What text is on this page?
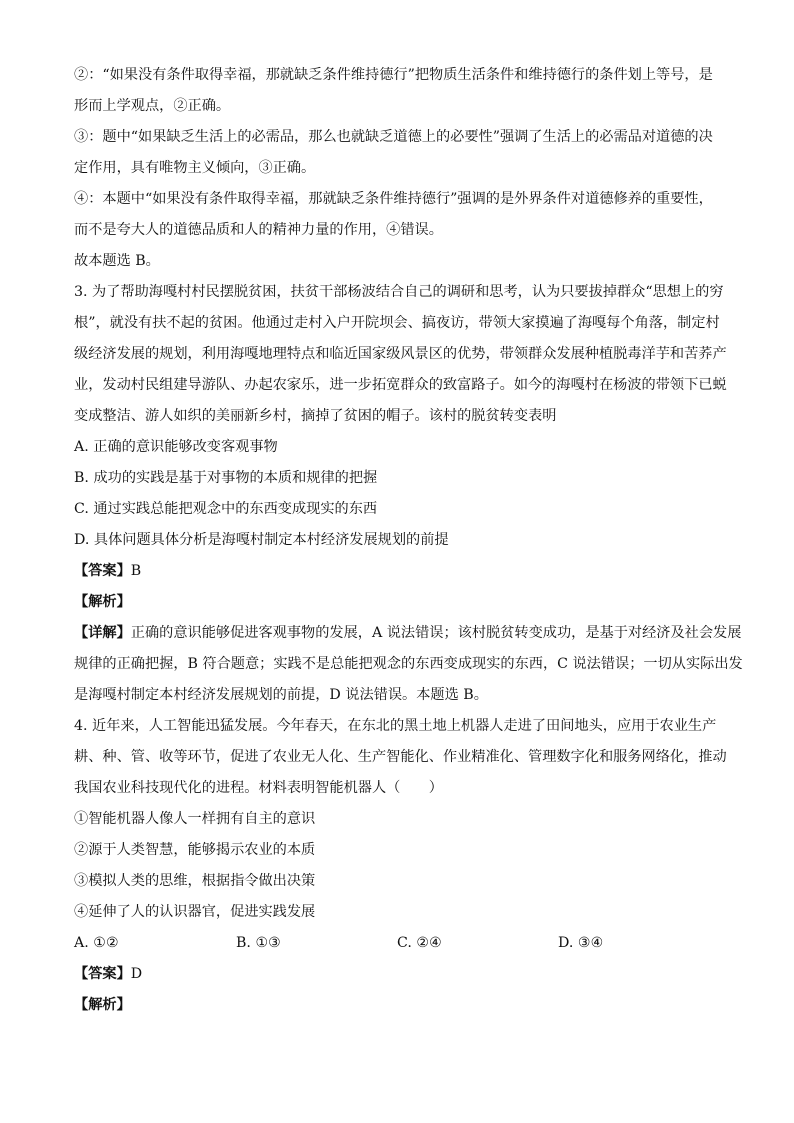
②：“如果没有条件取得幸福，那就缺乏条件维持德行”把物质生活条件和维持德行的条件划上等号，是

形而上学观点，②正确。

③：题中“如果缺乏生活上的必需品，那么也就缺乏道德上的必要性”强调了生活上的必需品对道德的决

定作用，具有唯物主义倾向，③正确。

④：本题中“如果没有条件取得幸福，那就缺乏条件维持德行”强调的是外界条件对道德修养的重要性，

而不是夸大人的道德品质和人的精神力量的作用，④错误。

故本题选 B。

3. 为了帮助海嘎村村民摆脱贫困，扶贫干部杨波结合自己的调研和思考，认为只要拔掉群众“思想上的穷

根”，就没有扶不起的贫困。他通过走村入户开院坝会、搞夜访，带领大家摸遍了海嘎每个角落，制定村

级经济发展的规划，利用海嘎地理特点和临近国家级风景区的优势，带领群众发展种植脱毒洋芋和苦荞产

业，发动村民组建导游队、办起农家乐，进一步拓宽群众的致富路子。如今的海嘎村在杨波的带领下已蜕

变成整洁、游人如织的美丽新乡村，摘掉了贫困的帽子。该村的脱贫转变表明

A. 正确的意识能够改变客观事物

B. 成功的实践是基于对事物的本质和规律的把握

C. 通过实践总能把观念中的东西变成现实的东西

D. 具体问题具体分析是海嘎村制定本村经济发展规划的前提

【答案】B

【解析】

【详解】正确的意识能够促进客观事物的发展，A 说法错误；该村脱贫转变成功，是基于对经济及社会发展

规律的正确把握，B 符合题意；实践不是总能把观念的东西变成现实的东西，C 说法错误；一切从实际出发

是海嘎村制定本村经济发展规划的前提，D 说法错误。本题选 B。

4. 近年来，人工智能迅猛发展。今年春天，在东北的黑土地上机器人走进了田间地头，应用于农业生产

耕、种、管、收等环节，促进了农业无人化、生产智能化、作业精准化、管理数字化和服务网络化，推动

我国农业科技现代化的进程。材料表明智能机器人（　　）

①智能机器人像人一样拥有自主的意识

②源于人类智慧，能够揭示农业的本质

③模拟人类的思维，根据指令做出决策

④延伸了人的认识器官，促进实践发展

A. ①②	B. ①③	C. ②④	D. ③④

【答案】D

【解析】
